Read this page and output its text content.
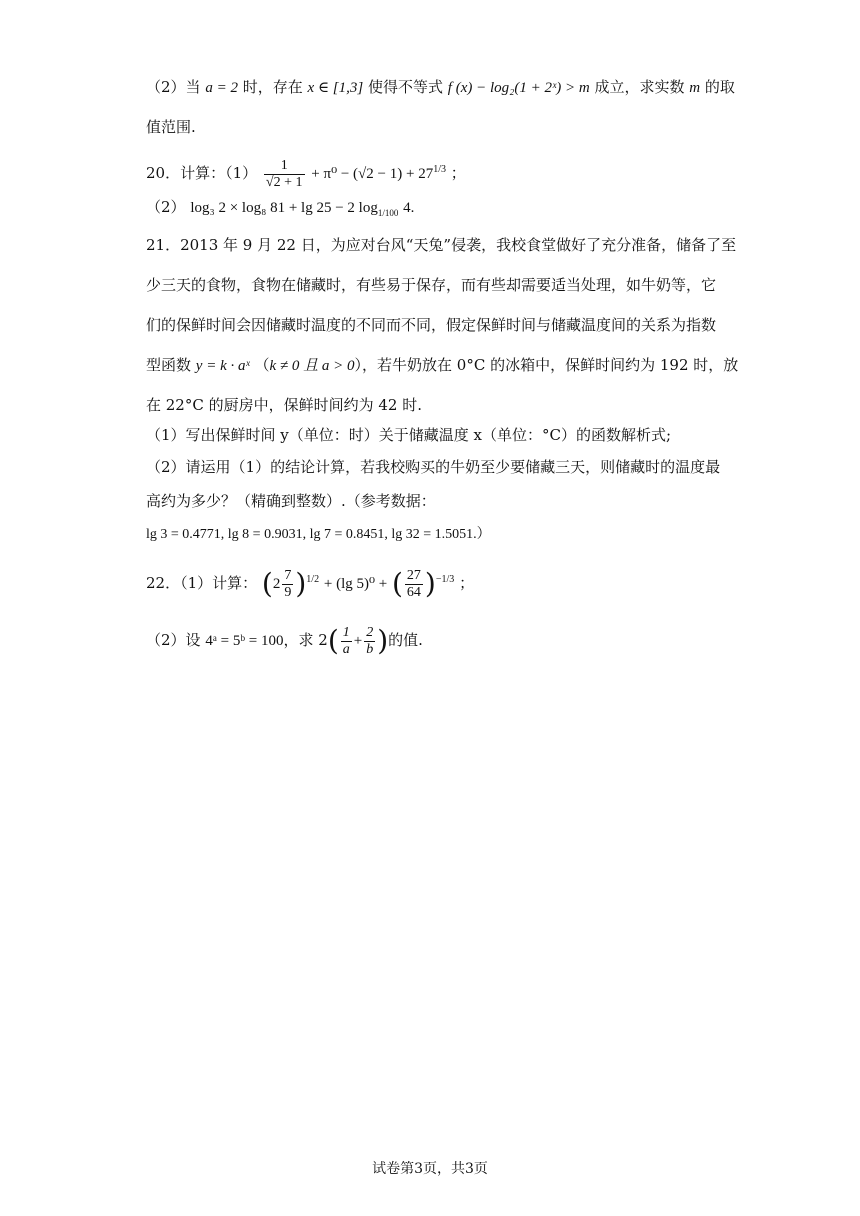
（2）当 a = 2 时，存在 x ∈ [1,3] 使得不等式 f (x) − log₂(1 + 2ˣ) > m 成立，求实数 m 的取
值范围.
20．计算：$(1) \frac{1}{√2 + 1} + \pi^0 - (√2 - 1) + 27^{1/3}$ ；
（2） log₃ 2 × log₈ 81 + lg 25 − 2 $\log_{1/100} 4$.
21．2013 年 9 月 22 日，为应对台风“天兔”侵袭，我校食堂做好了充分准备，储备了至
少三天的食物，食物在储藏时，有些易于保存，而有些却需要适当处理，如牛奶等，它
们的保鲜时间会因储藏时温度的不同而不同，假定保鲜时间与储藏温度间的关系为指数
型函数 y = k · aˣ （k ≠ 0 且 a > 0），若牛奶放在 0°C 的冰箱中，保鲜时间约为 192 时，放
在 22°C 的厨房中，保鲜时间约为 42 时.
（1）写出保鲜时间 y（单位：时）关于储藏温度 x（单位：°C）的函数解析式;
（2）请运用（1）的结论计算，若我校购买的牛奶至少要储藏三天，则储藏时的温度最
高约为多少？（精确到整数）.（参考数据：
lg 3 = 0.4771, lg 8 = 0.9031, lg 7 = 0.8451, lg 32 = 1.5051.）
22．（1）计算： $(2 \frac{7}{9} )^{1/2} + (\lg$ 5)⁰ + ( $\frac{27}{64} )^{-1/3}$ ；
（2）设 4ᵃ = 5ᵇ = 100，求 $2( \frac{1}{a} + \frac{2}{b}$ )的值.
试卷第3页，共3页
